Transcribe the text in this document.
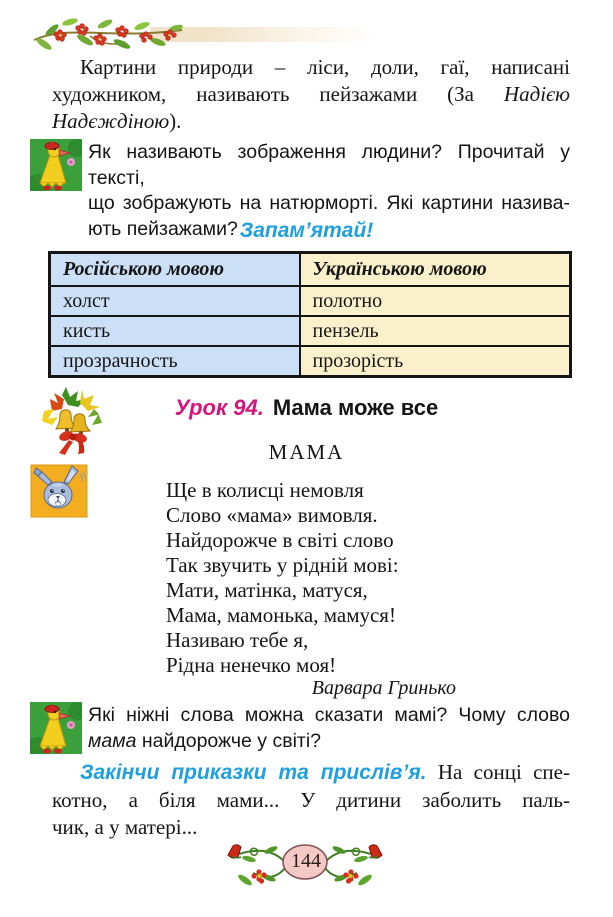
Картини природи – ліси, доли, гаї, написані
художником, називають пейзажами (За Надією
Надєждіною).
Як називають зображення людини? Прочитай у тексті,
що зображують на натюрморті. Які картини назива-
ють пейзажами? Запам’ятай!
Російською мовою	Українською мовою
холст	полотно
кисть	пензель
прозрачность	прозорість
Урок 94. Мама може все
МАМА
Ще в колисці немовля
Слово «мама» вимовля.
Найдорожче в світі слово
Так звучить у рідній мові:
Мати, матінка, матуся,
Мама, мамонька, мамуся!
Називаю тебе я,
Рідна ненечко моя!
Варвара Гринько
Які ніжні слова можна сказати мамі? Чому слово
мама найдорожче у світі?
Закінчи приказки та прислів’я. На сонці спе-
котно, а біля мами... У дитини заболить паль-
чик, а у матері...
144
